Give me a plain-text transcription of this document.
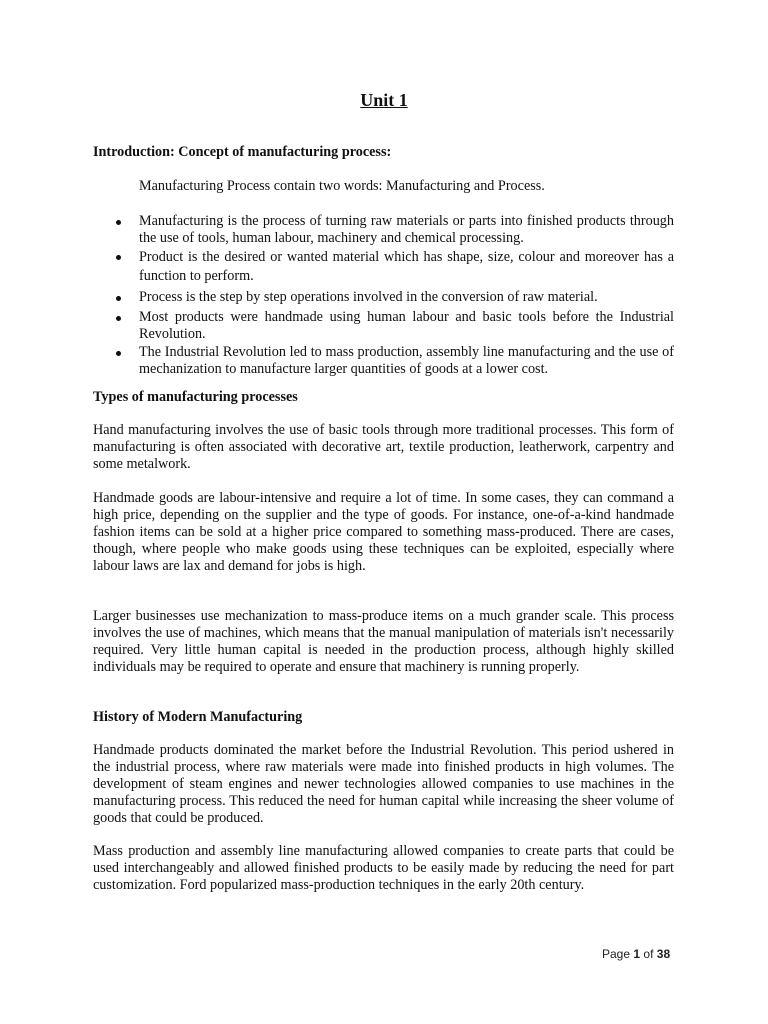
Unit 1
Introduction: Concept of manufacturing process:
Manufacturing Process contain two words: Manufacturing and Process.
Manufacturing is the process of turning raw materials or parts into finished products through the use of tools, human labour, machinery and chemical processing.
Product is the desired or wanted material which has shape, size, colour and moreover has a function to perform.
Process is the step by step operations involved in the conversion of raw material.
Most products were handmade using human labour and basic tools before the Industrial Revolution.
The Industrial Revolution led to mass production, assembly line manufacturing and the use of mechanization to manufacture larger quantities of goods at a lower cost.
Types of manufacturing processes

Hand manufacturing involves the use of basic tools through more traditional processes. This form of manufacturing is often associated with decorative art, textile production, leatherwork, carpentry and some metalwork.

Handmade goods are labour-intensive and require a lot of time. In some cases, they can command a high price, depending on the supplier and the type of goods. For instance, one-of-a-kind handmade fashion items can be sold at a higher price compared to something mass-produced. There are cases, though, where people who make goods using these techniques can be exploited, especially where labour laws are lax and demand for jobs is high.

Larger businesses use mechanization to mass-produce items on a much grander scale. This process involves the use of machines, which means that the manual manipulation of materials isn't necessarily required. Very little human capital is needed in the production process, although highly skilled individuals may be required to operate and ensure that machinery is running properly.

History of Modern Manufacturing

Handmade products dominated the market before the Industrial Revolution. This period ushered in the industrial process, where raw materials were made into finished products in high volumes. The development of steam engines and newer technologies allowed companies to use machines in the manufacturing process. This reduced the need for human capital while increasing the sheer volume of goods that could be produced.

Mass production and assembly line manufacturing allowed companies to create parts that could be used interchangeably and allowed finished products to be easily made by reducing the need for part customization. Ford popularized mass-production techniques in the early 20th century.

Page 1 of 38
